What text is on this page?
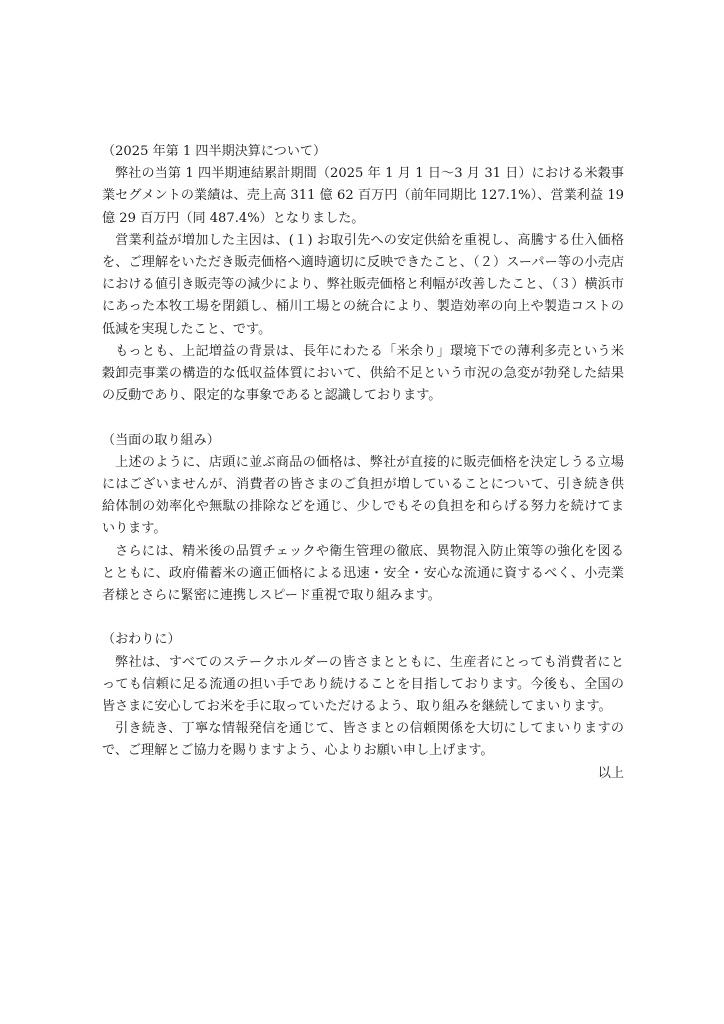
（2025 年第 1 四半期決算について）

弊社の当第 1 四半期連結累計期間（2025 年 1 月 1 日〜3 月 31 日）における米穀事業セグメントの業績は、売上高 311 億 62 百万円（前年同期比 127.1%）、営業利益 19 億 29 百万円（同 487.4%）となりました。

営業利益が増加した主因は、(１) お取引先への安定供給を重視し、高騰する仕入価格を、ご理解をいただき販売価格へ適時適切に反映できたこと、（２）スーパー等の小売店における値引き販売等の減少により、弊社販売価格と利幅が改善したこと、（３）横浜市にあった本牧工場を閉鎖し、桶川工場との統合により、製造効率の向上や製造コストの低減を実現したこと、です。

もっとも、上記増益の背景は、長年にわたる「米余り」環境下での薄利多売という米穀卸売事業の構造的な低収益体質において、供給不足という市況の急変が勃発した結果の反動であり、限定的な事象であると認識しております。

（当面の取り組み）

上述のように、店頭に並ぶ商品の価格は、弊社が直接的に販売価格を決定しうる立場にはございませんが、消費者の皆さまのご負担が増していることについて、引き続き供給体制の効率化や無駄の排除などを通じ、少しでもその負担を和らげる努力を続けてまいります。

さらには、精米後の品質チェックや衛生管理の徹底、異物混入防止策等の強化を図るとともに、政府備蓄米の適正価格による迅速・安全・安心な流通に資するべく、小売業者様とさらに緊密に連携しスピード重視で取り組みます。

（おわりに）

弊社は、すべてのステークホルダーの皆さまとともに、生産者にとっても消費者にとっても信頼に足る流通の担い手であり続けることを目指しております。今後も、全国の皆さまに安心してお米を手に取っていただけるよう、取り組みを継続してまいります。

引き続き、丁寧な情報発信を通じて、皆さまとの信頼関係を大切にしてまいりますので、ご理解とご協力を賜りますよう、心よりお願い申し上げます。

以上
